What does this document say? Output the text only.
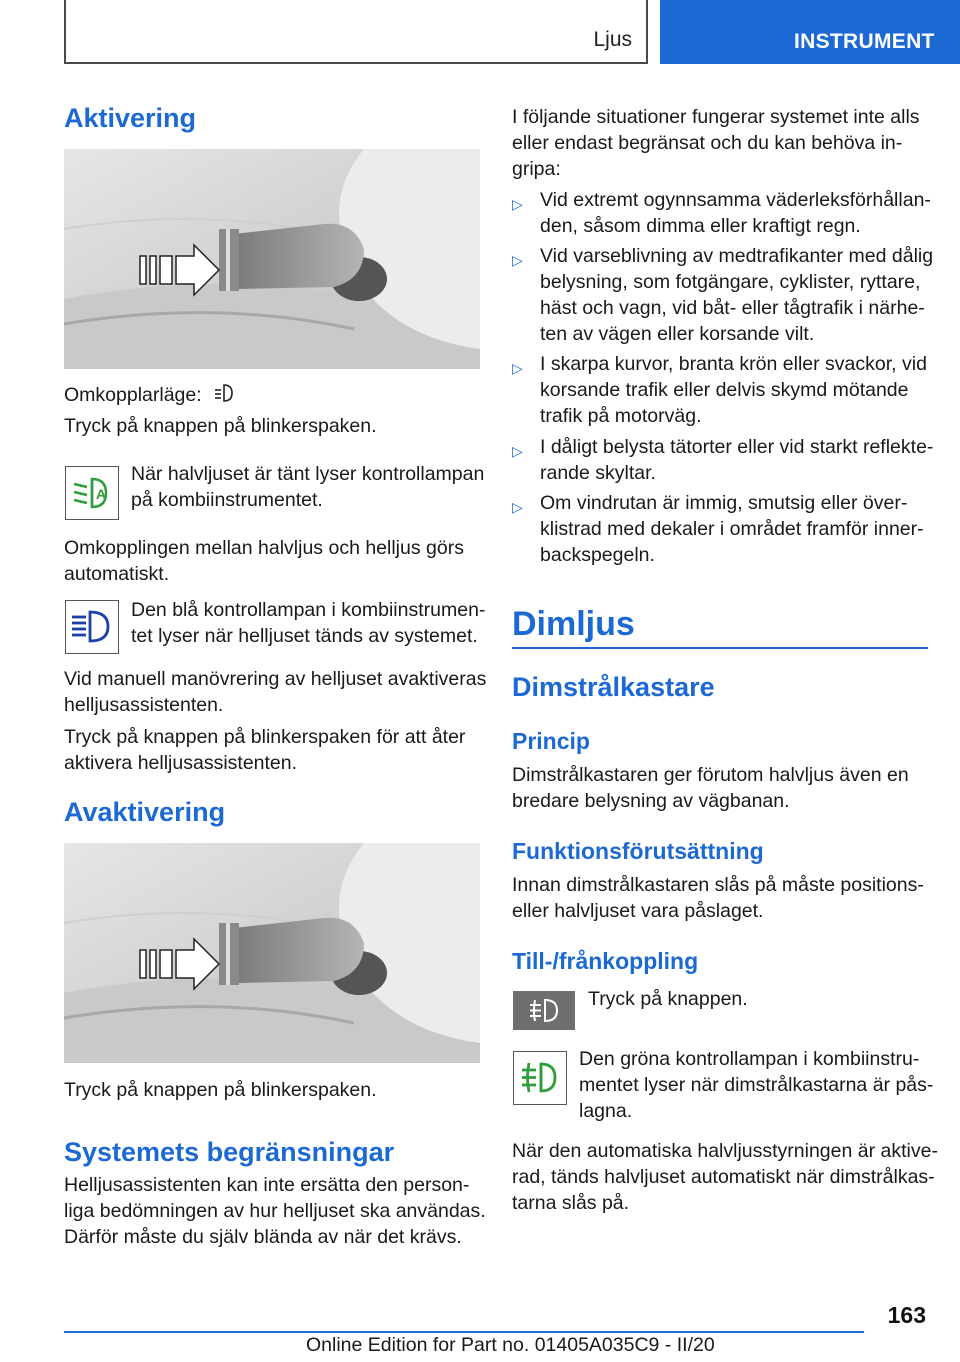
Ljus	INSTRUMENT
Aktivering
Omkopplarläge:
Tryck på knappen på blinkerspaken.
A
När halvljuset är tänt lyser kontrollampan
på kombiinstrumentet.
Omkopplingen mellan halvljus och helljus görs
automatiskt.
Den blå kontrollampan i kombiinstrumen-
tet lyser när helljuset tänds av systemet.
Vid manuell manövrering av helljuset avaktiveras
helljusassistenten.
Tryck på knappen på blinkerspaken för att åter
aktivera helljusassistenten.
Avaktivering
Tryck på knappen på blinkerspaken.
Systemets begränsningar
Helljusassistenten kan inte ersätta den person-
liga bedömningen av hur helljuset ska användas.
Därför måste du själv blända av när det krävs.
I följande situationer fungerar systemet inte alls
eller endast begränsat och du kan behöva in-
gripa:
▷ Vid extremt ogynnsamma väderleksförhållan-
den, såsom dimma eller kraftigt regn.
▷ Vid varseblivning av medtrafikanter med dålig
belysning, som fotgängare, cyklister, ryttare,
häst och vagn, vid båt- eller tågtrafik i närhe-
ten av vägen eller korsande vilt.
▷ I skarpa kurvor, branta krön eller svackor, vid
korsande trafik eller delvis skymd mötande
trafik på motorväg.
▷ I dåligt belysta tätorter eller vid starkt reflekte-
rande skyltar.
▷ Om vindrutan är immig, smutsig eller över-
klistrad med dekaler i området framför inner-
backspegeln.
Dimljus
Dimstrålkastare
Princip
Dimstrålkastaren ger förutom halvljus även en
bredare belysning av vägbanan.
Funktionsförutsättning
Innan dimstrålkastaren slås på måste positions-
eller halvljuset vara påslaget.
Till-/frånkoppling
Tryck på knappen.
Den gröna kontrollampan i kombiinstru-
mentet lyser när dimstrålkastarna är pås-
lagna.
När den automatiska halvljusstyrningen är aktive-
rad, tänds halvljuset automatiskt när dimstrålkas-
tarna slås på.
163
Online Edition for Part no. 01405A035C9 - II/20
